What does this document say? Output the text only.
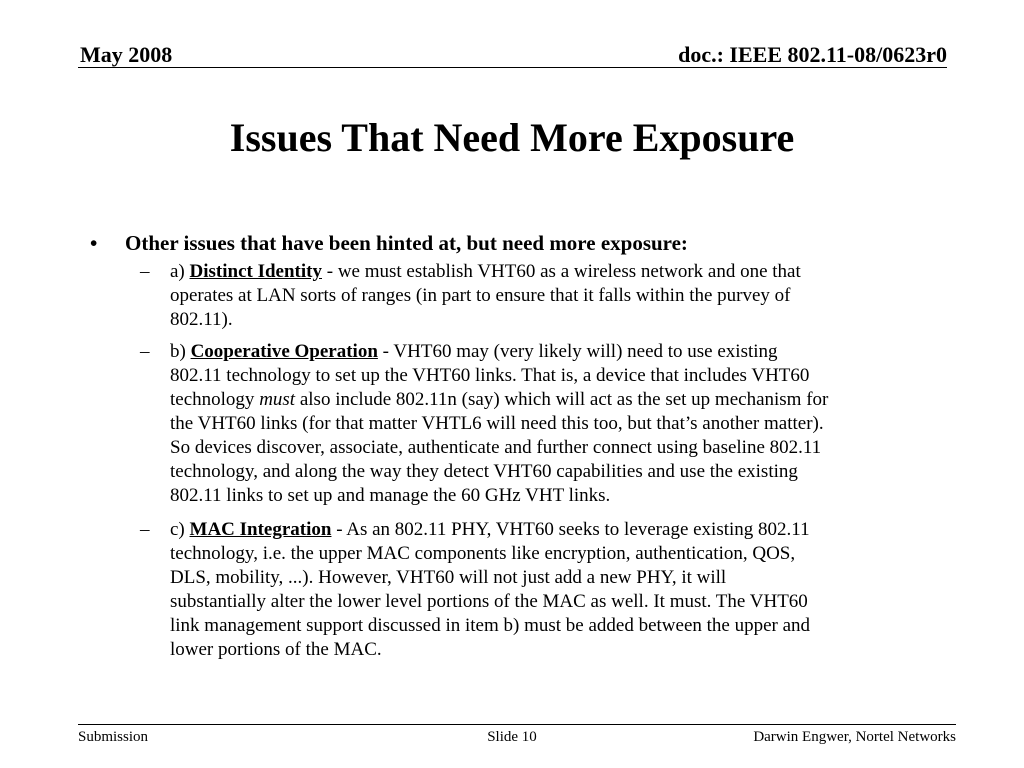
May 2008	doc.: IEEE 802.11-08/0623r0
Issues That Need More Exposure
• Other issues that have been hinted at, but need more exposure:
– a) Distinct Identity - we must establish VHT60 as a wireless network and one that
operates at LAN sorts of ranges (in part to ensure that it falls within the purvey of
802.11).
– b) Cooperative Operation - VHT60 may (very likely will) need to use existing
802.11 technology to set up the VHT60 links. That is, a device that includes VHT60
technology must also include 802.11n (say) which will act as the set up mechanism for
the VHT60 links (for that matter VHTL6 will need this too, but that’s another matter).
So devices discover, associate, authenticate and further connect using baseline 802.11
technology, and along the way they detect VHT60 capabilities and use the existing
802.11 links to set up and manage the 60 GHz VHT links.
– c) MAC Integration - As an 802.11 PHY, VHT60 seeks to leverage existing 802.11
technology, i.e. the upper MAC components like encryption, authentication, QOS,
DLS, mobility, ...). However, VHT60 will not just add a new PHY, it will
substantially alter the lower level portions of the MAC as well. It must. The VHT60
link management support discussed in item b) must be added between the upper and
lower portions of the MAC.
Submission	Slide 10	Darwin Engwer, Nortel Networks
